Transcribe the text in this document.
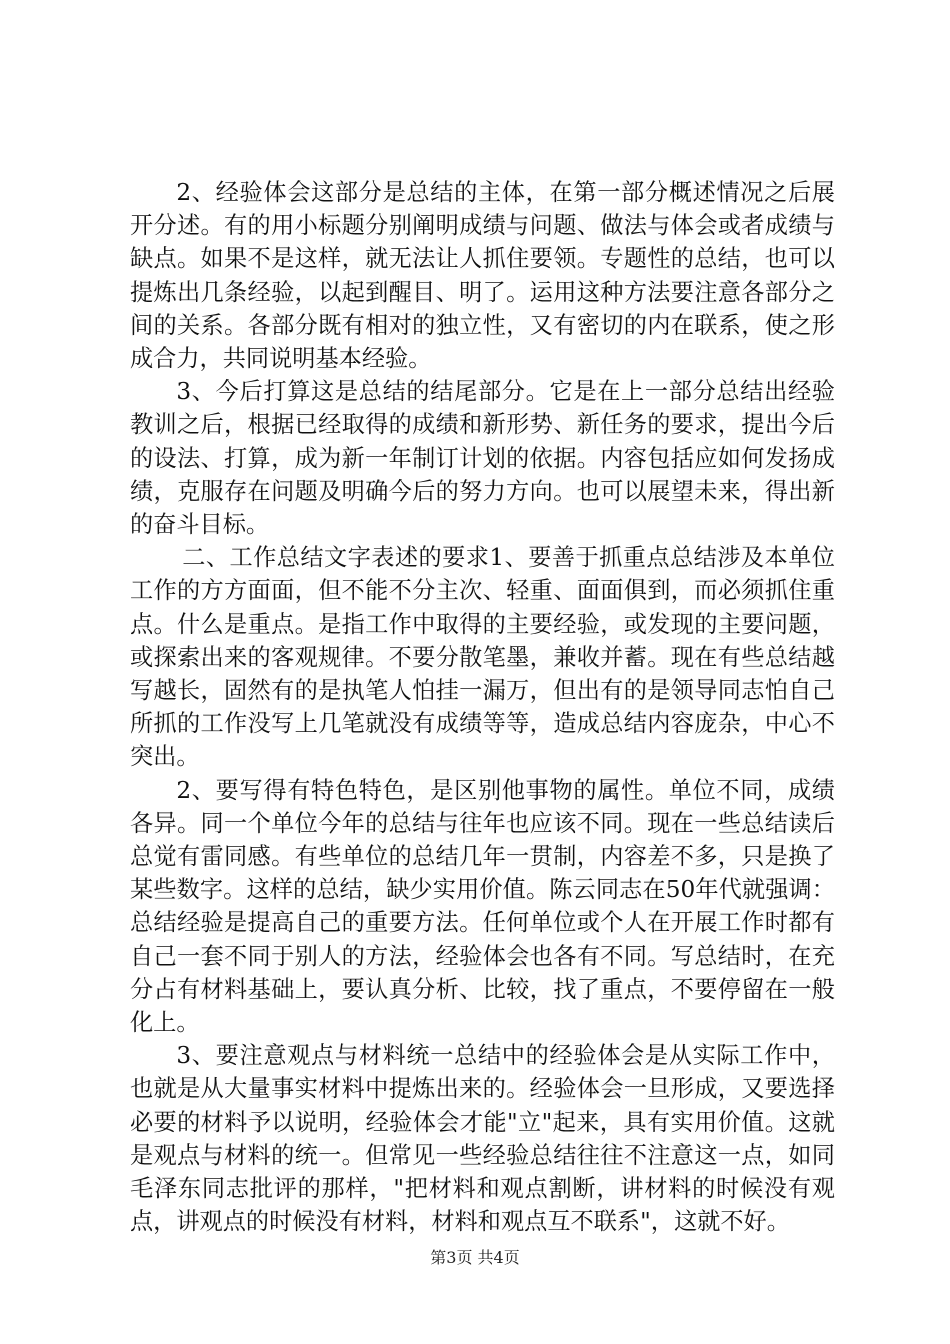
2、经验体会这部分是总结的主体，在第一部分概述情况之后展开分述。有的用小标题分别阐明成绩与问题、做法与体会或者成绩与缺点。如果不是这样，就无法让人抓住要领。专题性的总结，也可以提炼出几条经验，以起到醒目、明了。运用这种方法要注意各部分之间的关系。各部分既有相对的独立性，又有密切的内在联系，使之形成合力，共同说明基本经验。

3、今后打算这是总结的结尾部分。它是在上一部分总结出经验教训之后，根据已经取得的成绩和新形势、新任务的要求，提出今后的设法、打算，成为新一年制订计划的依据。内容包括应如何发扬成绩，克服存在问题及明确今后的努力方向。也可以展望未来，得出新的奋斗目标。

二、工作总结文字表述的要求1、要善于抓重点总结涉及本单位工作的方方面面，但不能不分主次、轻重、面面俱到，而必须抓住重点。什么是重点。是指工作中取得的主要经验，或发现的主要问题，或探索出来的客观规律。不要分散笔墨，兼收并蓄。现在有些总结越写越长，固然有的是执笔人怕挂一漏万，但出有的是领导同志怕自己所抓的工作没写上几笔就没有成绩等等，造成总结内容庞杂，中心不突出。

2、要写得有特色特色，是区别他事物的属性。单位不同，成绩各异。同一个单位今年的总结与往年也应该不同。现在一些总结读后总觉有雷同感。有些单位的总结几年一贯制，内容差不多，只是换了某些数字。这样的总结，缺少实用价值。陈云同志在50年代就强调：总结经验是提高自己的重要方法。任何单位或个人在开展工作时都有自己一套不同于别人的方法，经验体会也各有不同。写总结时，在充分占有材料基础上，要认真分析、比较，找了重点，不要停留在一般化上。

3、要注意观点与材料统一总结中的经验体会是从实际工作中，也就是从大量事实材料中提炼出来的。经验体会一旦形成，又要选择必要的材料予以说明，经验体会才能"立"起来，具有实用价值。这就是观点与材料的统一。但常见一些经验总结往往不注意这一点，如同毛泽东同志批评的那样，"把材料和观点割断，讲材料的时候没有观点，讲观点的时候没有材料，材料和观点互不联系"，这就不好。

第3页 共4页
